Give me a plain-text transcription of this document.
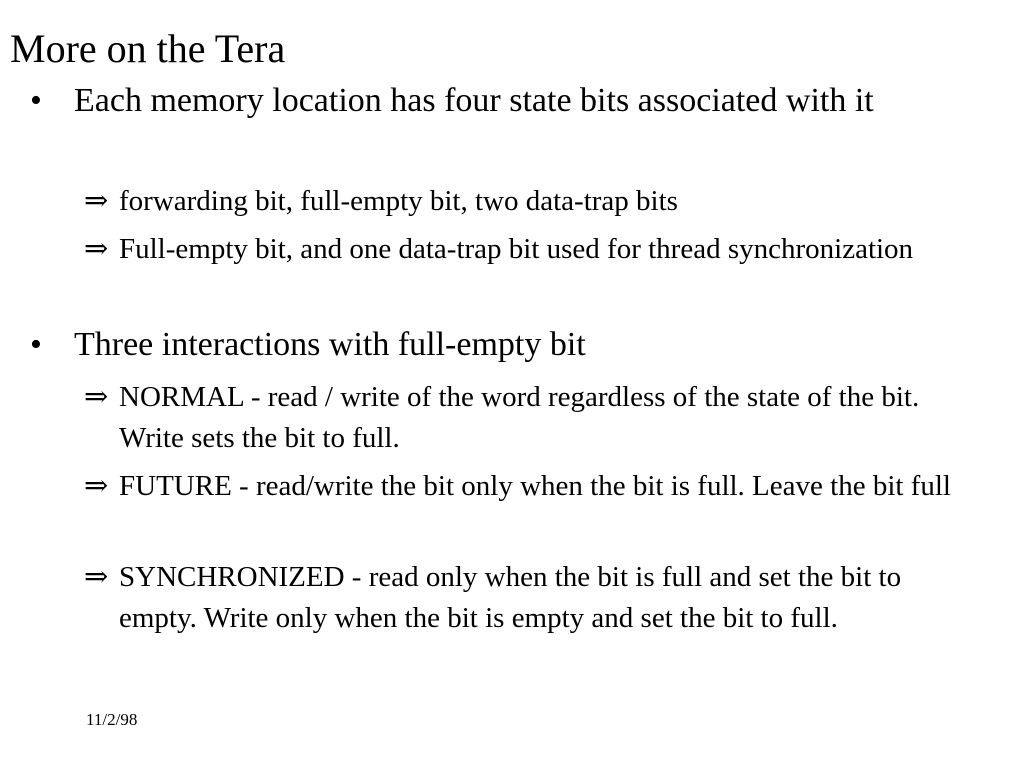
More on the Tera
• Each memory location has four state bits associated with it
⇒ forwarding bit, full-empty bit, two data-trap bits
⇒ Full-empty bit, and one data-trap bit used for thread synchronization
• Three interactions with full-empty bit
⇒ NORMAL - read / write of the word regardless of the state of the bit. Write sets the bit to full.
⇒ FUTURE - read/write the bit only when the bit is full. Leave the bit full
⇒ SYNCHRONIZED - read only when the bit is full and set the bit to empty. Write only when the bit is empty and set the bit to full.
11/2/98
